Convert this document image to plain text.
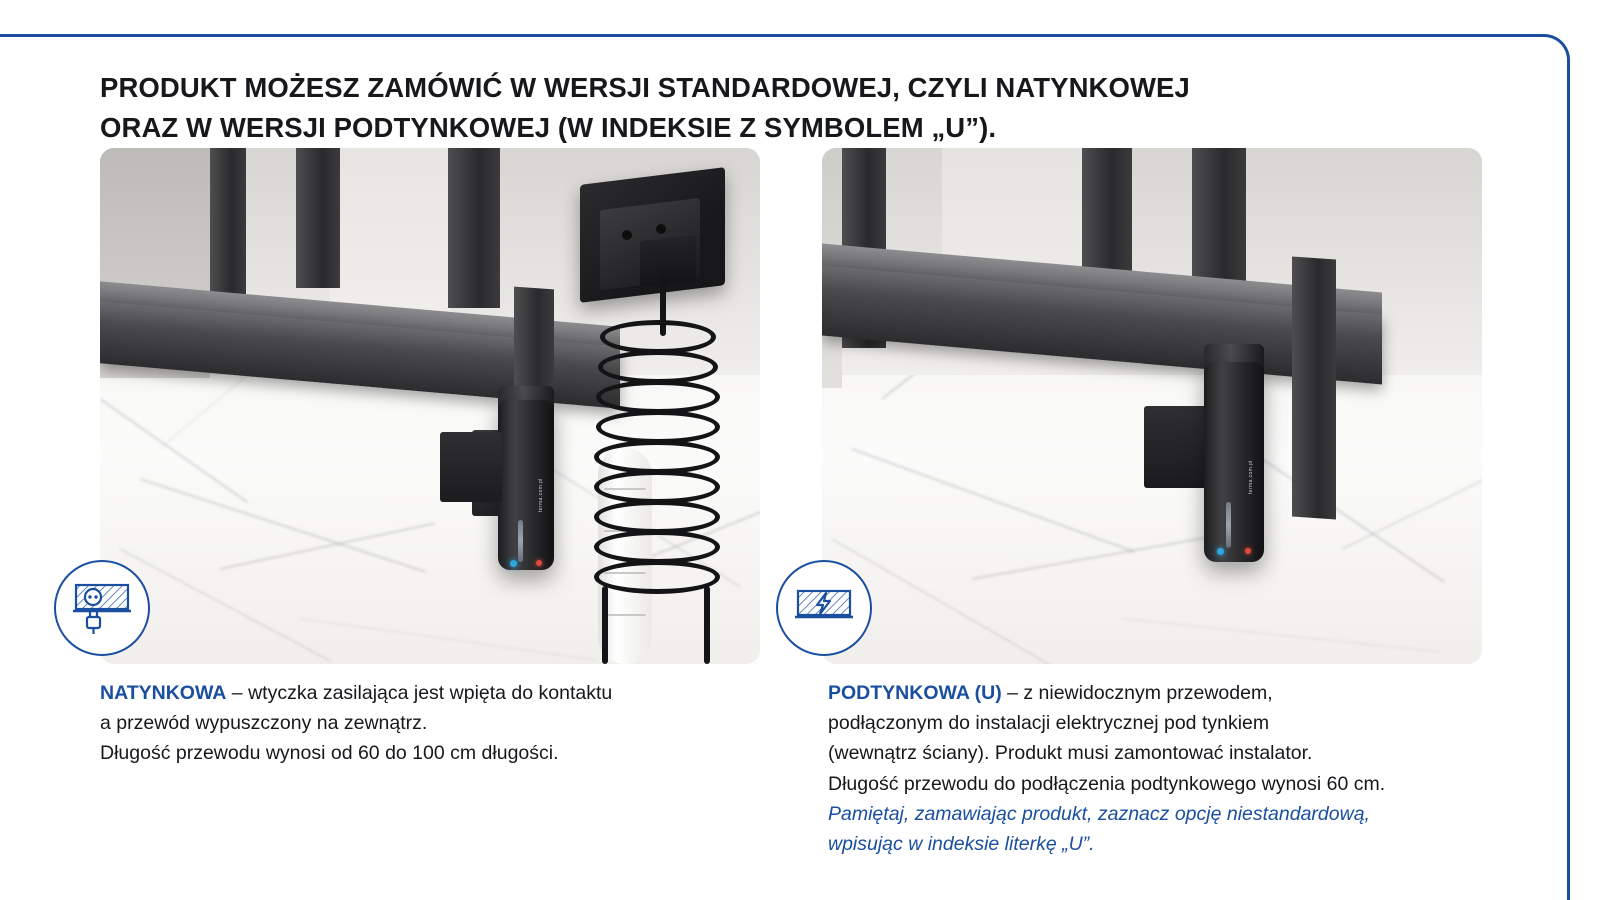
PRODUKT MOŻESZ ZAMÓWIĆ W WERSJI STANDARDOWEJ, CZYLI NATYNKOWEJ
ORAZ W WERSJI PODTYNKOWEJ (W INDEKSIE Z SYMBOLEM „U”).
terma.com.pl
terma.com.pl
NATYNKOWA – wtyczka zasilająca jest wpięta do kontaktu
a przewód wypuszczony na zewnątrz.
Długość przewodu wynosi od 60 do 100 cm długości.
PODTYNKOWA (U) – z niewidocznym przewodem,
podłączonym do instalacji elektrycznej pod tynkiem
(wewnątrz ściany). Produkt musi zamontować instalator.
Długość przewodu do podłączenia podtynkowego wynosi 60 cm.
Pamiętaj, zamawiając produkt, zaznacz opcję niestandardową,
wpisując w indeksie literkę „U”.
